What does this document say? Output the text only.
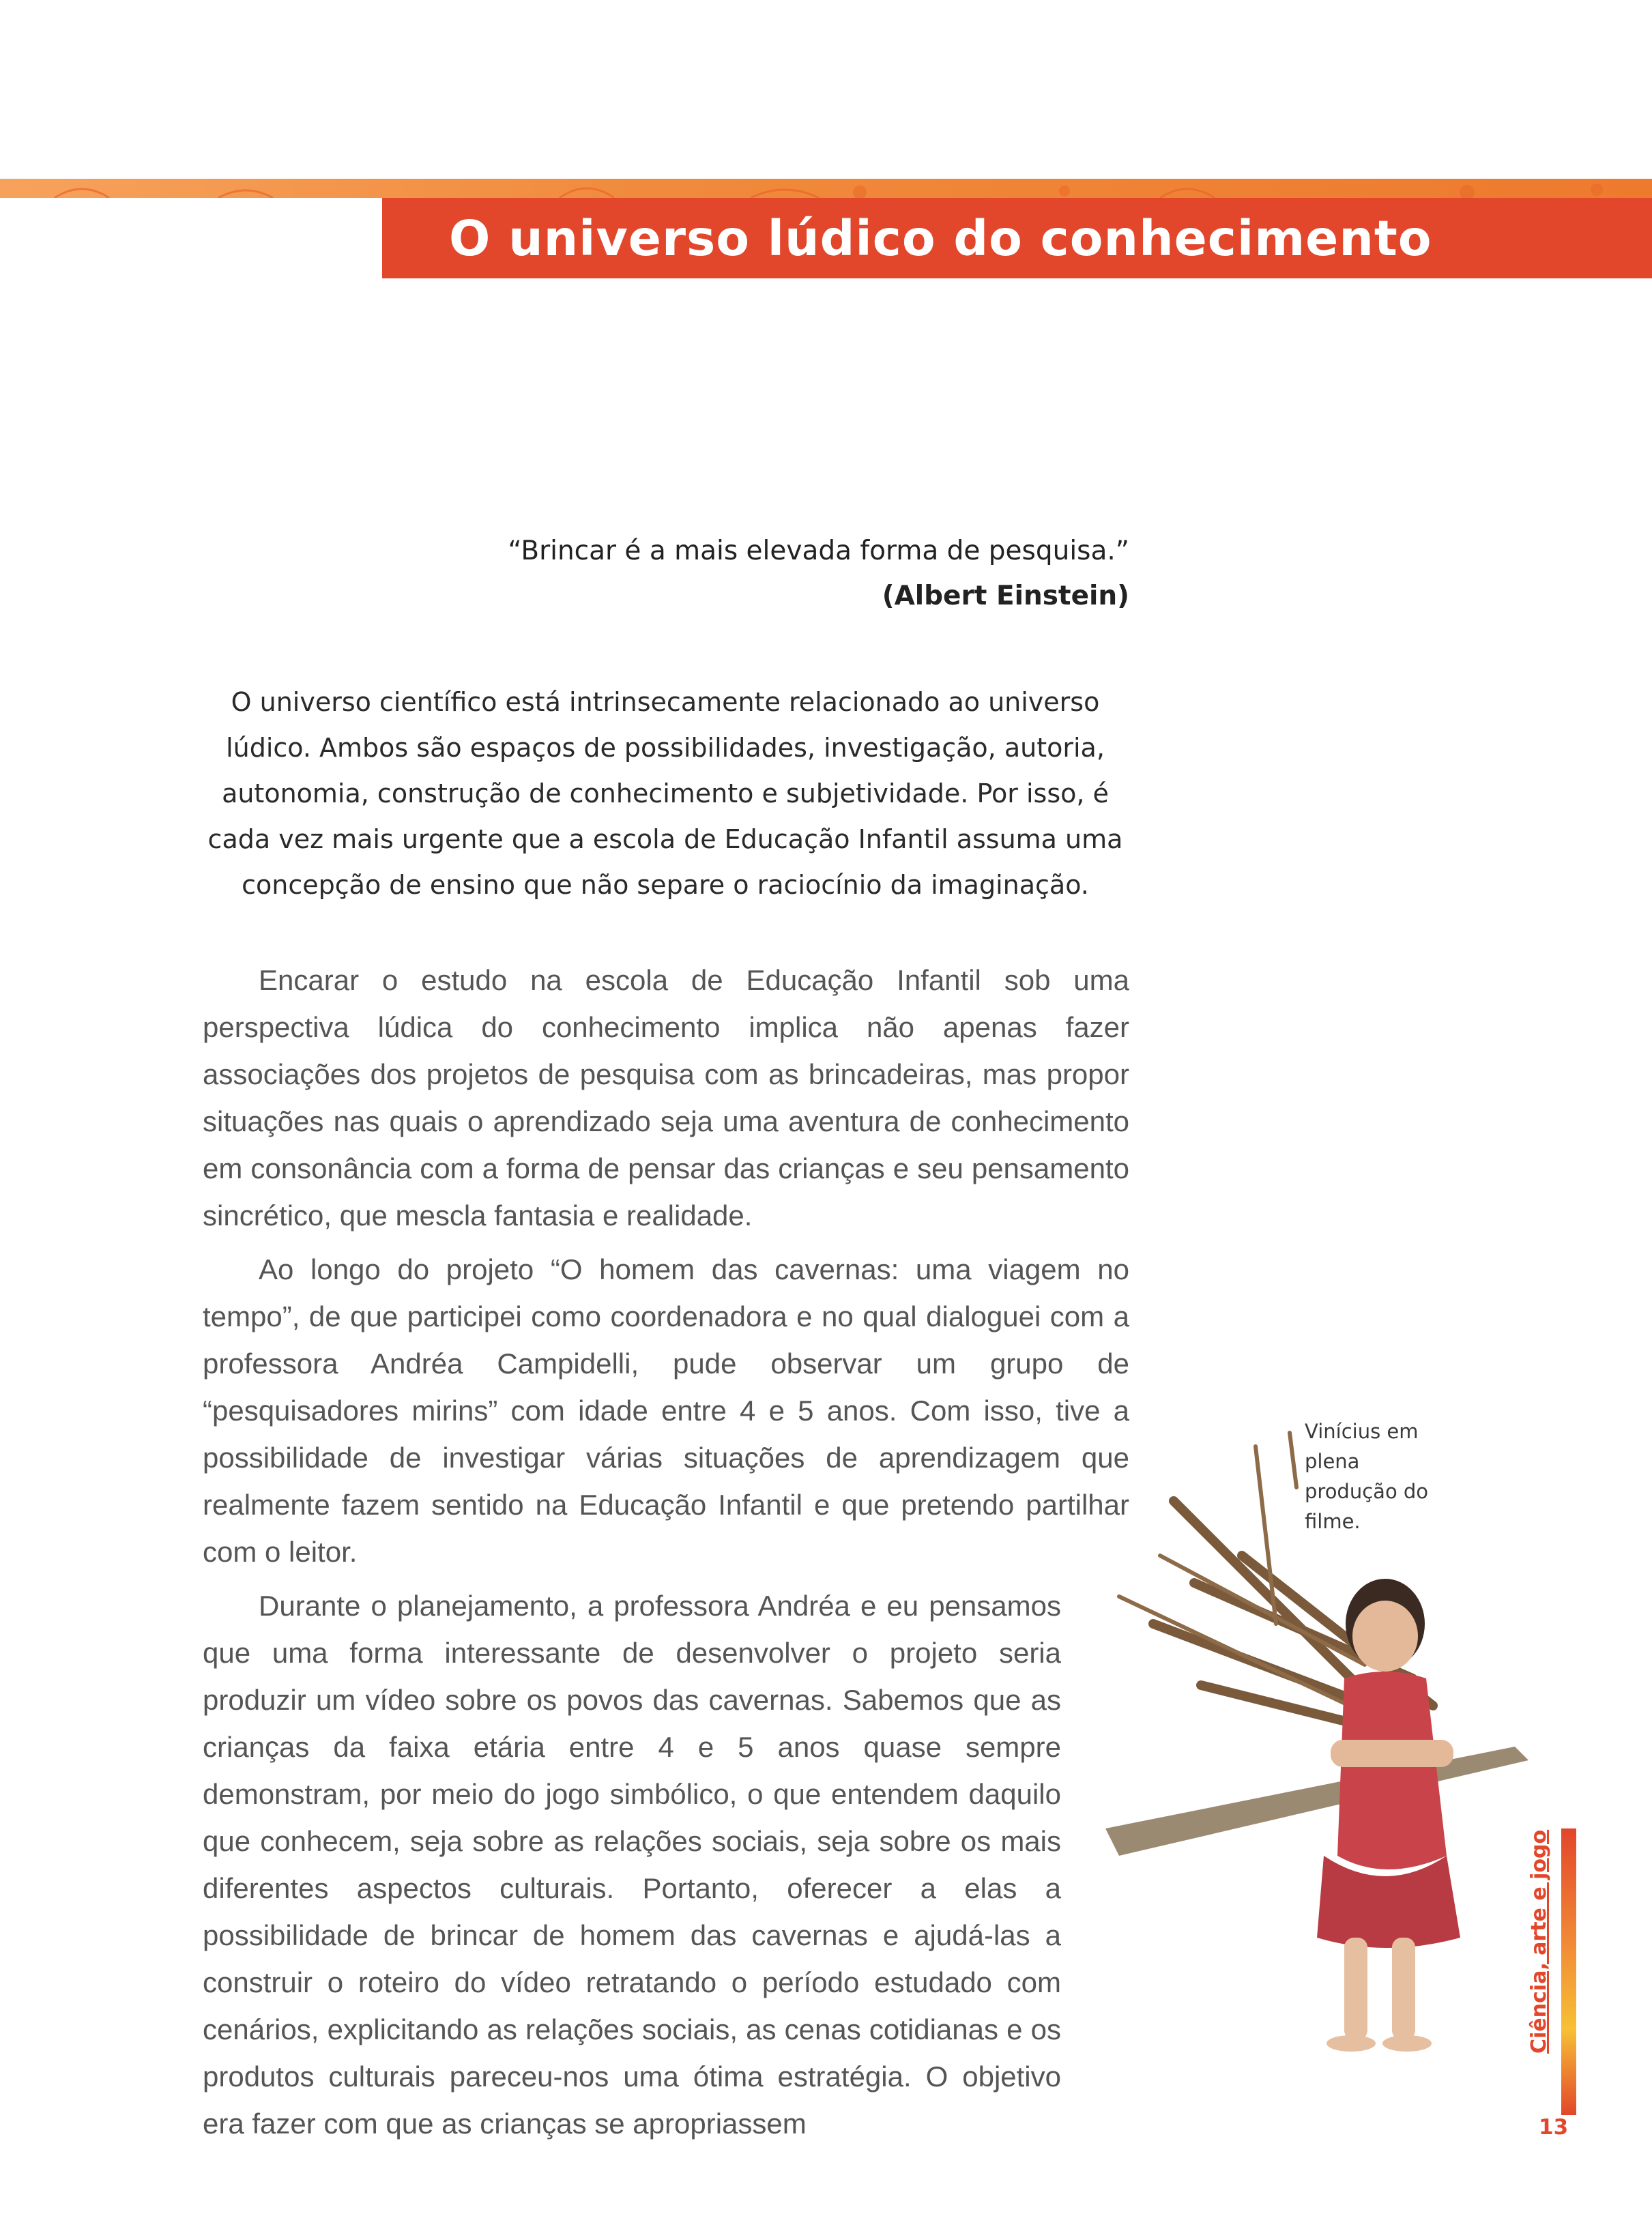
O universo lúdico do conhecimento
“Brincar é a mais elevada forma de pesquisa.”
(Albert Einstein)

O universo científico está intrinsecamente relacionado ao universo

lúdico. Ambos são espaços de possibilidades, investigação, autoria,

autonomia, construção de conhecimento e subjetividade. Por isso, é

cada vez mais urgente que a escola de Educação Infantil assuma uma

concepção de ensino que não separe o raciocínio da imaginação.

Encarar o estudo na escola de Educação Infantil sob uma perspectiva lúdica do conhecimento implica não apenas fazer associações dos projetos de pesquisa com as brincadeiras, mas propor situações nas quais o aprendizado seja uma aventura de conhecimento em consonância com a forma de pensar das crianças e seu pensamento sincrético, que mescla fantasia e realidade.

Ao longo do projeto “O homem das cavernas: uma viagem no tempo”, de que participei como coordenadora e no qual dialoguei com a professora Andréa Campidelli, pude observar um grupo de “pesquisadores mirins” com idade entre 4 e 5 anos. Com isso, tive a possibilidade de investigar várias situações de aprendizagem que realmente fazem sentido na Educação Infantil e que pretendo partilhar com o leitor.

Durante o planejamento, a professora Andréa e eu pensamos que uma forma interessante de desenvolver o projeto seria produzir um vídeo sobre os povos das cavernas. Sabemos que as crianças da faixa etária entre 4 e 5 anos quase sempre demonstram, por meio do jogo simbólico, o que entendem daquilo que conhecem, seja sobre as relações sociais, seja sobre os mais diferentes aspectos culturais. Portanto, oferecer a elas a possibilidade de brincar de homem das cavernas e ajudá-las a construir o roteiro do vídeo retratando o período estudado com cenários, explicitando as relações sociais, as cenas cotidianas e os produtos culturais pareceu-nos uma ótima estratégia. O objetivo era fazer com que as crianças se apropriassem

Vinícius em plena produção do filme.
Ciência, arte e jogo
13
